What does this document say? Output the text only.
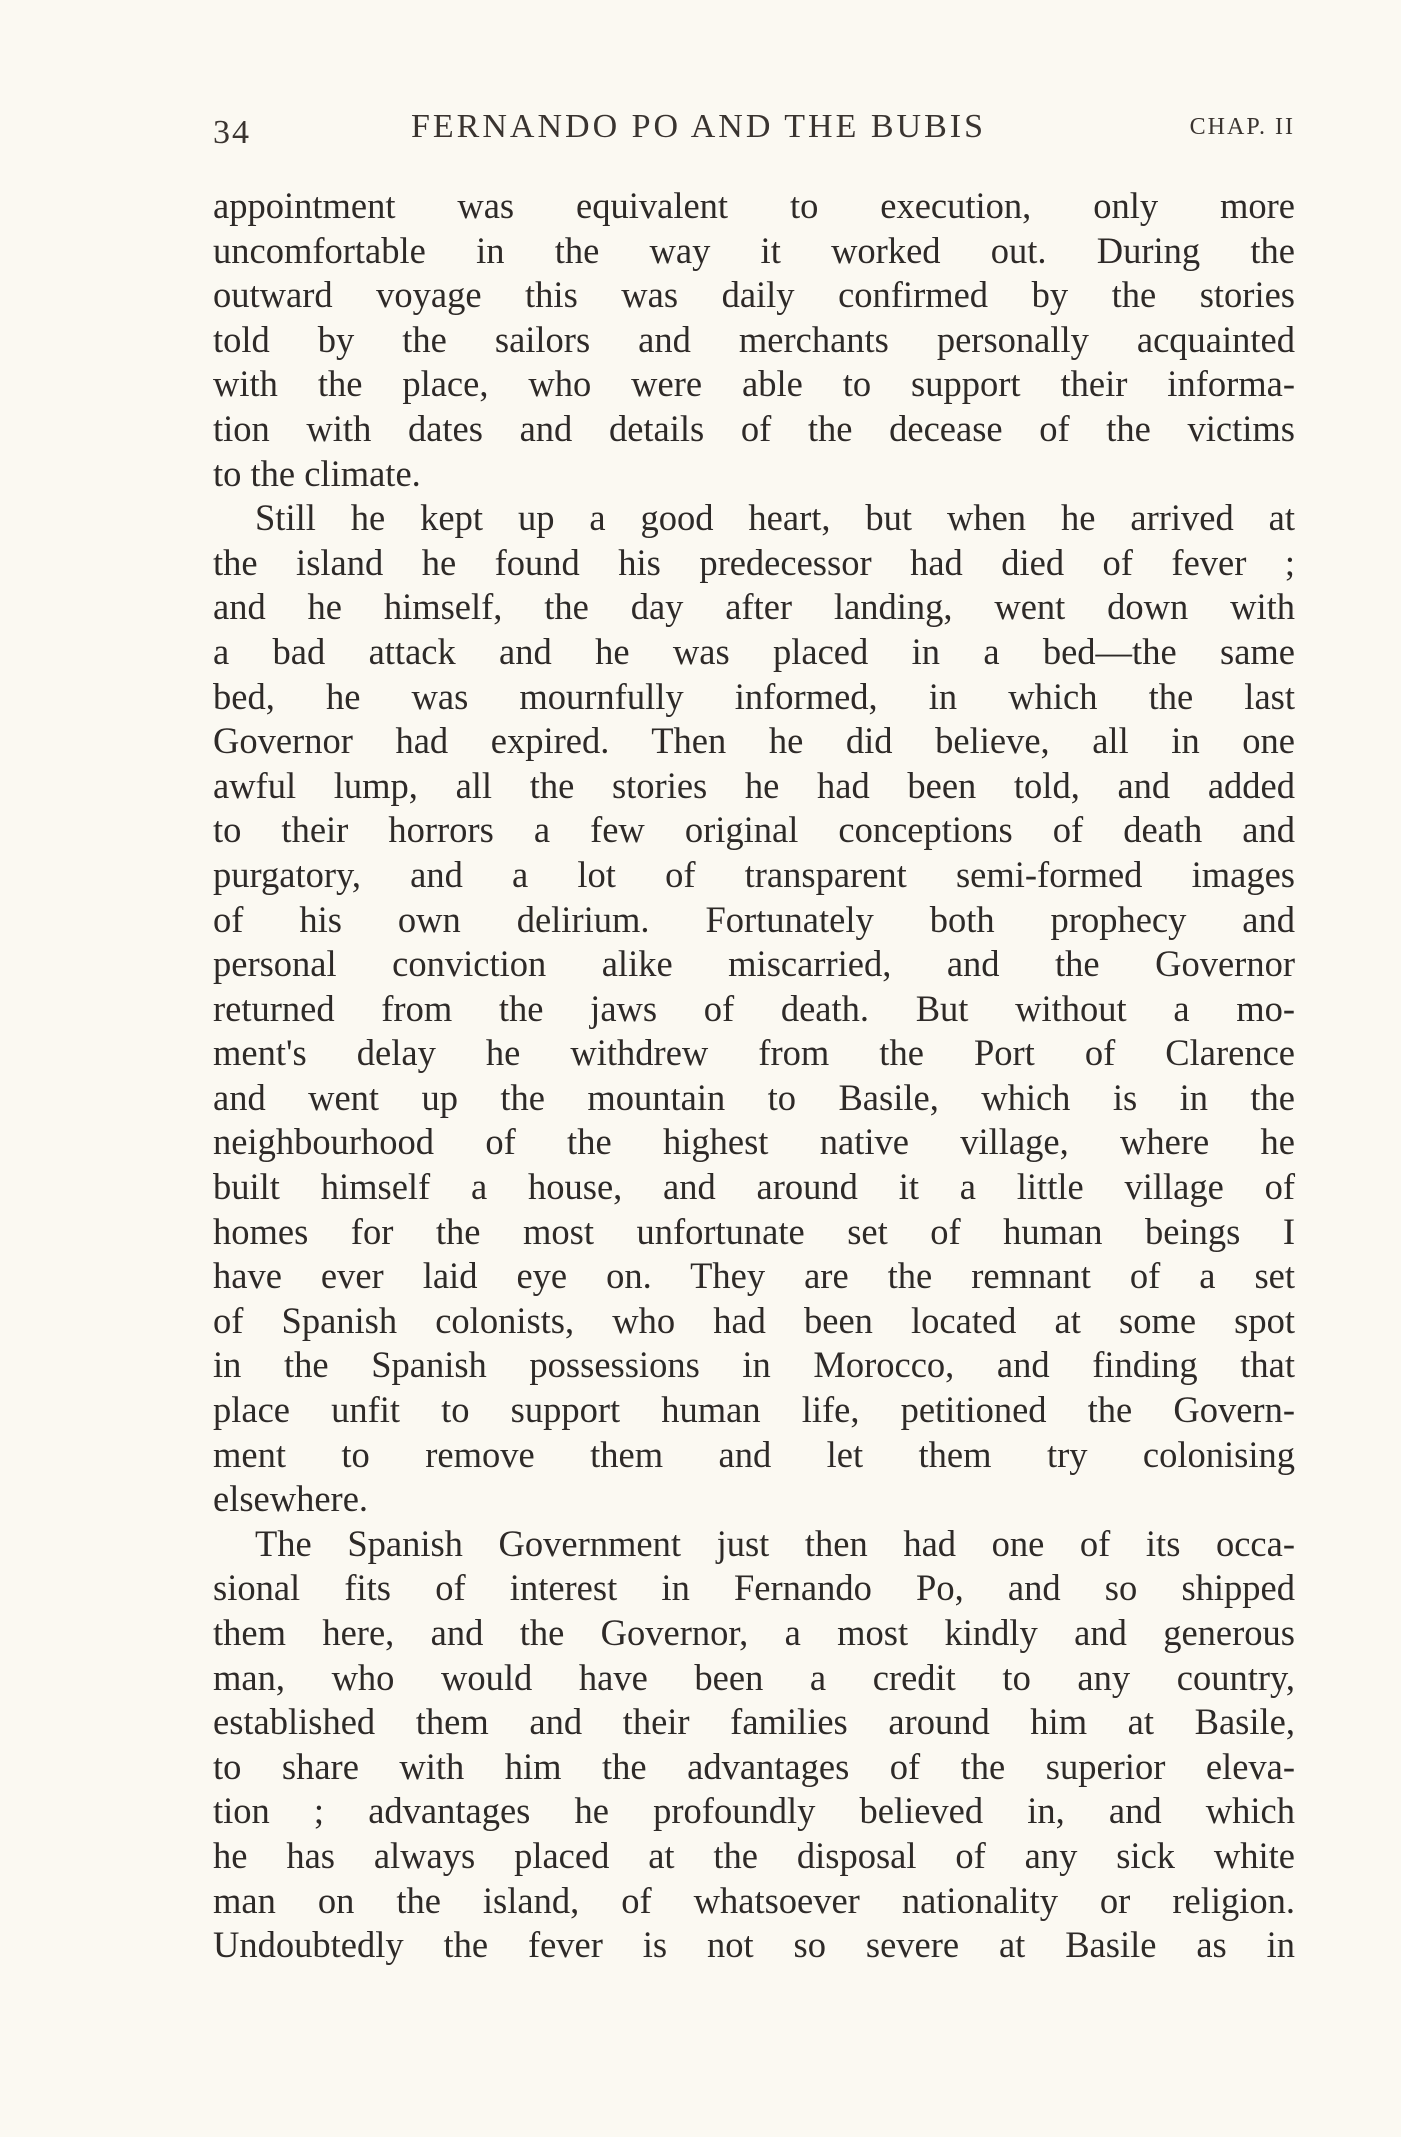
34	FERNANDO PO AND THE BUBIS	CHAP. II
appointment was equivalent to execution, only more
uncomfortable in the way it worked out. During the
outward voyage this was daily confirmed by the stories
told by the sailors and merchants personally acquainted
with the place, who were able to support their informa-
tion with dates and details of the decease of the victims
to the climate.
Still he kept up a good heart, but when he arrived at
the island he found his predecessor had died of fever ;
and he himself, the day after landing, went down with
a bad attack and he was placed in a bed—the same
bed, he was mournfully informed, in which the last
Governor had expired. Then he did believe, all in one
awful lump, all the stories he had been told, and added
to their horrors a few original conceptions of death and
purgatory, and a lot of transparent semi-formed images
of his own delirium. Fortunately both prophecy and
personal conviction alike miscarried, and the Governor
returned from the jaws of death. But without a mo-
ment's delay he withdrew from the Port of Clarence
and went up the mountain to Basile, which is in the
neighbourhood of the highest native village, where he
built himself a house, and around it a little village of
homes for the most unfortunate set of human beings I
have ever laid eye on. They are the remnant of a set
of Spanish colonists, who had been located at some spot
in the Spanish possessions in Morocco, and finding that
place unfit to support human life, petitioned the Govern-
ment to remove them and let them try colonising
elsewhere.
The Spanish Government just then had one of its occa-
sional fits of interest in Fernando Po, and so shipped
them here, and the Governor, a most kindly and generous
man, who would have been a credit to any country,
established them and their families around him at Basile,
to share with him the advantages of the superior eleva-
tion ; advantages he profoundly believed in, and which
he has always placed at the disposal of any sick white
man on the island, of whatsoever nationality or religion.
Undoubtedly the fever is not so severe at Basile as in
